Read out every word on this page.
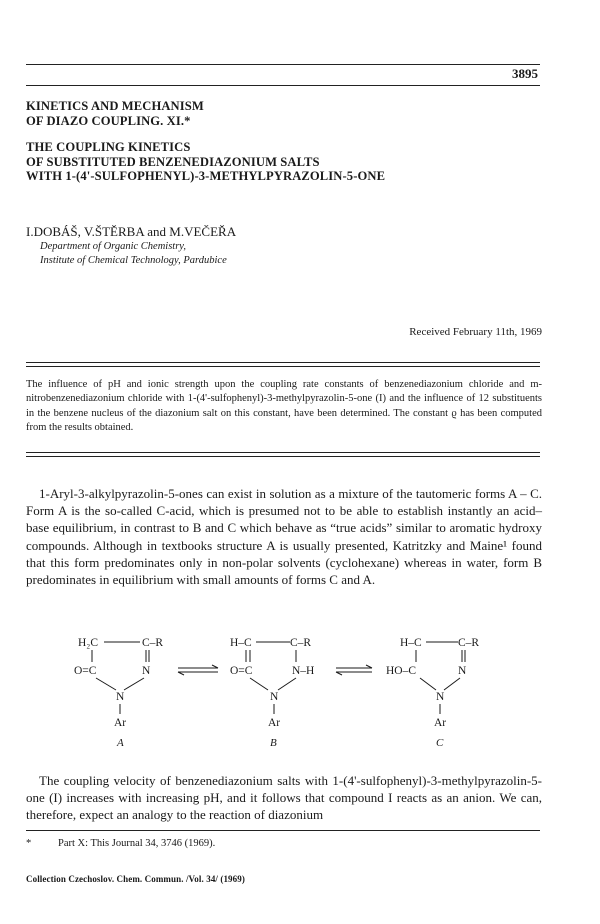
3895
KINETICS AND MECHANISM
OF DIAZO COUPLING. XI.*
THE COUPLING KINETICS
OF SUBSTITUTED BENZENEDIAZONIUM SALTS
WITH 1-(4'-SULFOPHENYL)-3-METHYLPYRAZOLIN-5-ONE
I.DOBÁŠ, V.ŠTĚRBA and M.VEČEŘA
Department of Organic Chemistry,
Institute of Chemical Technology, Pardubice
Received February 11th, 1969
The influence of pH and ionic strength upon the coupling rate constants of benzenediazonium chloride and m-nitrobenzenediazonium chloride with 1-(4'-sulfophenyl)-3-methylpyrazolin-5-one (I) and the influence of 12 substituents in the benzene nucleus of the diazonium salt on this constant, have been determined. The constant ϱ has been computed from the results obtained.

1-Aryl-3-alkylpyrazolin-5-ones can exist in solution as a mixture of the tautomeric forms A – C. Form A is the so-called C-acid, which is presumed not to be able to establish instantly an acid–base equilibrium, in contrast to B and C which behave as “true acids” similar to aromatic hydroxy compounds. Although in textbooks structure A is usually presented, Katritzky and Maine¹ found that this form predominates only in non-polar solvents (cyclohexane) whereas in water, form B predominates in equilibrium with small amounts of forms C and A.

H₂C	C–R
O=C	N
N
Ar
A
H–C	C–R
O=C	N–H
N
Ar
B
H–C	C–R
HO–C	N
N
Ar
C

The coupling velocity of benzenediazonium salts with 1-(4'-sulfophenyl)-3-methylpyrazolin-5-one (I) increases with increasing pH, and it follows that compound I reacts as an anion. We can, therefore, expect an analogy to the reaction of diazonium

*	Part X: This Journal 34, 3746 (1969).
Collection Czechoslov. Chem. Commun. /Vol. 34/ (1969)
